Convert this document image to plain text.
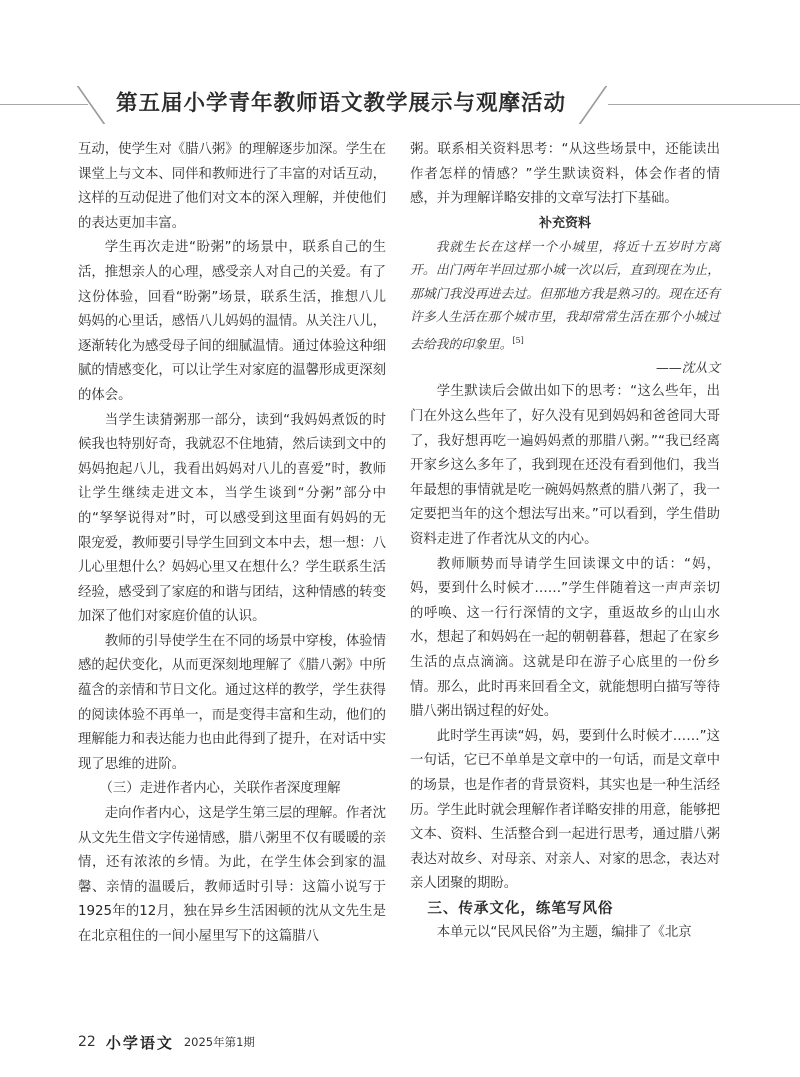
第五届小学青年教师语文教学展示与观摩活动

互动，使学生对《腊八粥》的理解逐步加深。学生在课堂上与文本、同伴和教师进行了丰富的对话互动，这样的互动促进了他们对文本的深入理解，并使他们的表达更加丰富。

学生再次走进“盼粥”的场景中，联系自己的生活，推想亲人的心理，感受亲人对自己的关爱。有了这份体验，回看“盼粥”场景，联系生活，推想八儿妈妈的心里话，感悟八儿妈妈的温情。从关注八儿，逐渐转化为感受母子间的细腻温情。通过体验这种细腻的情感变化，可以让学生对家庭的温馨形成更深刻的体会。

当学生读猜粥那一部分，读到“我妈妈煮饭的时候我也特别好奇，我就忍不住地猜，然后读到文中的妈妈抱起八儿，我看出妈妈对八儿的喜爱”时，教师让学生继续走进文本，当学生谈到“分粥”部分中的“孥孥说得对”时，可以感受到这里面有妈妈的无限宠爱，教师要引导学生回到文本中去，想一想：八儿心里想什么？妈妈心里又在想什么？学生联系生活经验，感受到了家庭的和谐与团结，这种情感的转变加深了他们对家庭价值的认识。

教师的引导使学生在不同的场景中穿梭，体验情感的起伏变化，从而更深刻地理解了《腊八粥》中所蕴含的亲情和节日文化。通过这样的教学，学生获得的阅读体验不再单一，而是变得丰富和生动，他们的理解能力和表达能力也由此得到了提升，在对话中实现了思维的进阶。

（三）走进作者内心，关联作者深度理解

走向作者内心，这是学生第三层的理解。作者沈从文先生借文字传递情感，腊八粥里不仅有暖暖的亲情，还有浓浓的乡情。为此，在学生体会到家的温馨、亲情的温暖后，教师适时引导：这篇小说写于1925年的12月，独在异乡生活困顿的沈从文先生是在北京租住的一间小屋里写下的这篇腊八

粥。联系相关资料思考：“从这些场景中，还能读出作者怎样的情感？”学生默读资料，体会作者的情感，并为理解详略安排的文章写法打下基础。

补充资料

我就生长在这样一个小城里，将近十五岁时方离开。出门两年半回过那小城一次以后，直到现在为止，那城门我没再进去过。但那地方我是熟习的。现在还有许多人生活在那个城市里，我却常常生活在那个小城过去给我的印象里。[5]

——沈从文

学生默读后会做出如下的思考：“这么些年，出门在外这么些年了，好久没有见到妈妈和爸爸同大哥了，我好想再吃一遍妈妈煮的那腊八粥。”“我已经离开家乡这么多年了，我到现在还没有看到他们，我当年最想的事情就是吃一碗妈妈熬煮的腊八粥了，我一定要把当年的这个想法写出来。”可以看到，学生借助资料走进了作者沈从文的内心。

教师顺势而导请学生回读课文中的话：“妈，妈，要到什么时候才……”学生伴随着这一声声亲切的呼唤、这一行行深情的文字，重返故乡的山山水水，想起了和妈妈在一起的朝朝暮暮，想起了在家乡生活的点点滴滴。这就是印在游子心底里的一份乡情。那么，此时再来回看全文，就能想明白描写等待腊八粥出锅过程的好处。

此时学生再读“妈，妈，要到什么时候才……”这一句话，它已不单单是文章中的一句话，而是文章中的场景，也是作者的背景资料，其实也是一种生活经历。学生此时就会理解作者详略安排的用意，能够把文本、资料、生活整合到一起进行思考，通过腊八粥表达对故乡、对母亲、对亲人、对家的思念，表达对亲人团聚的期盼。

三、传承文化，练笔写风俗

本单元以“民风民俗”为主题，编排了《北京

22 小学语文 2025年第1期
